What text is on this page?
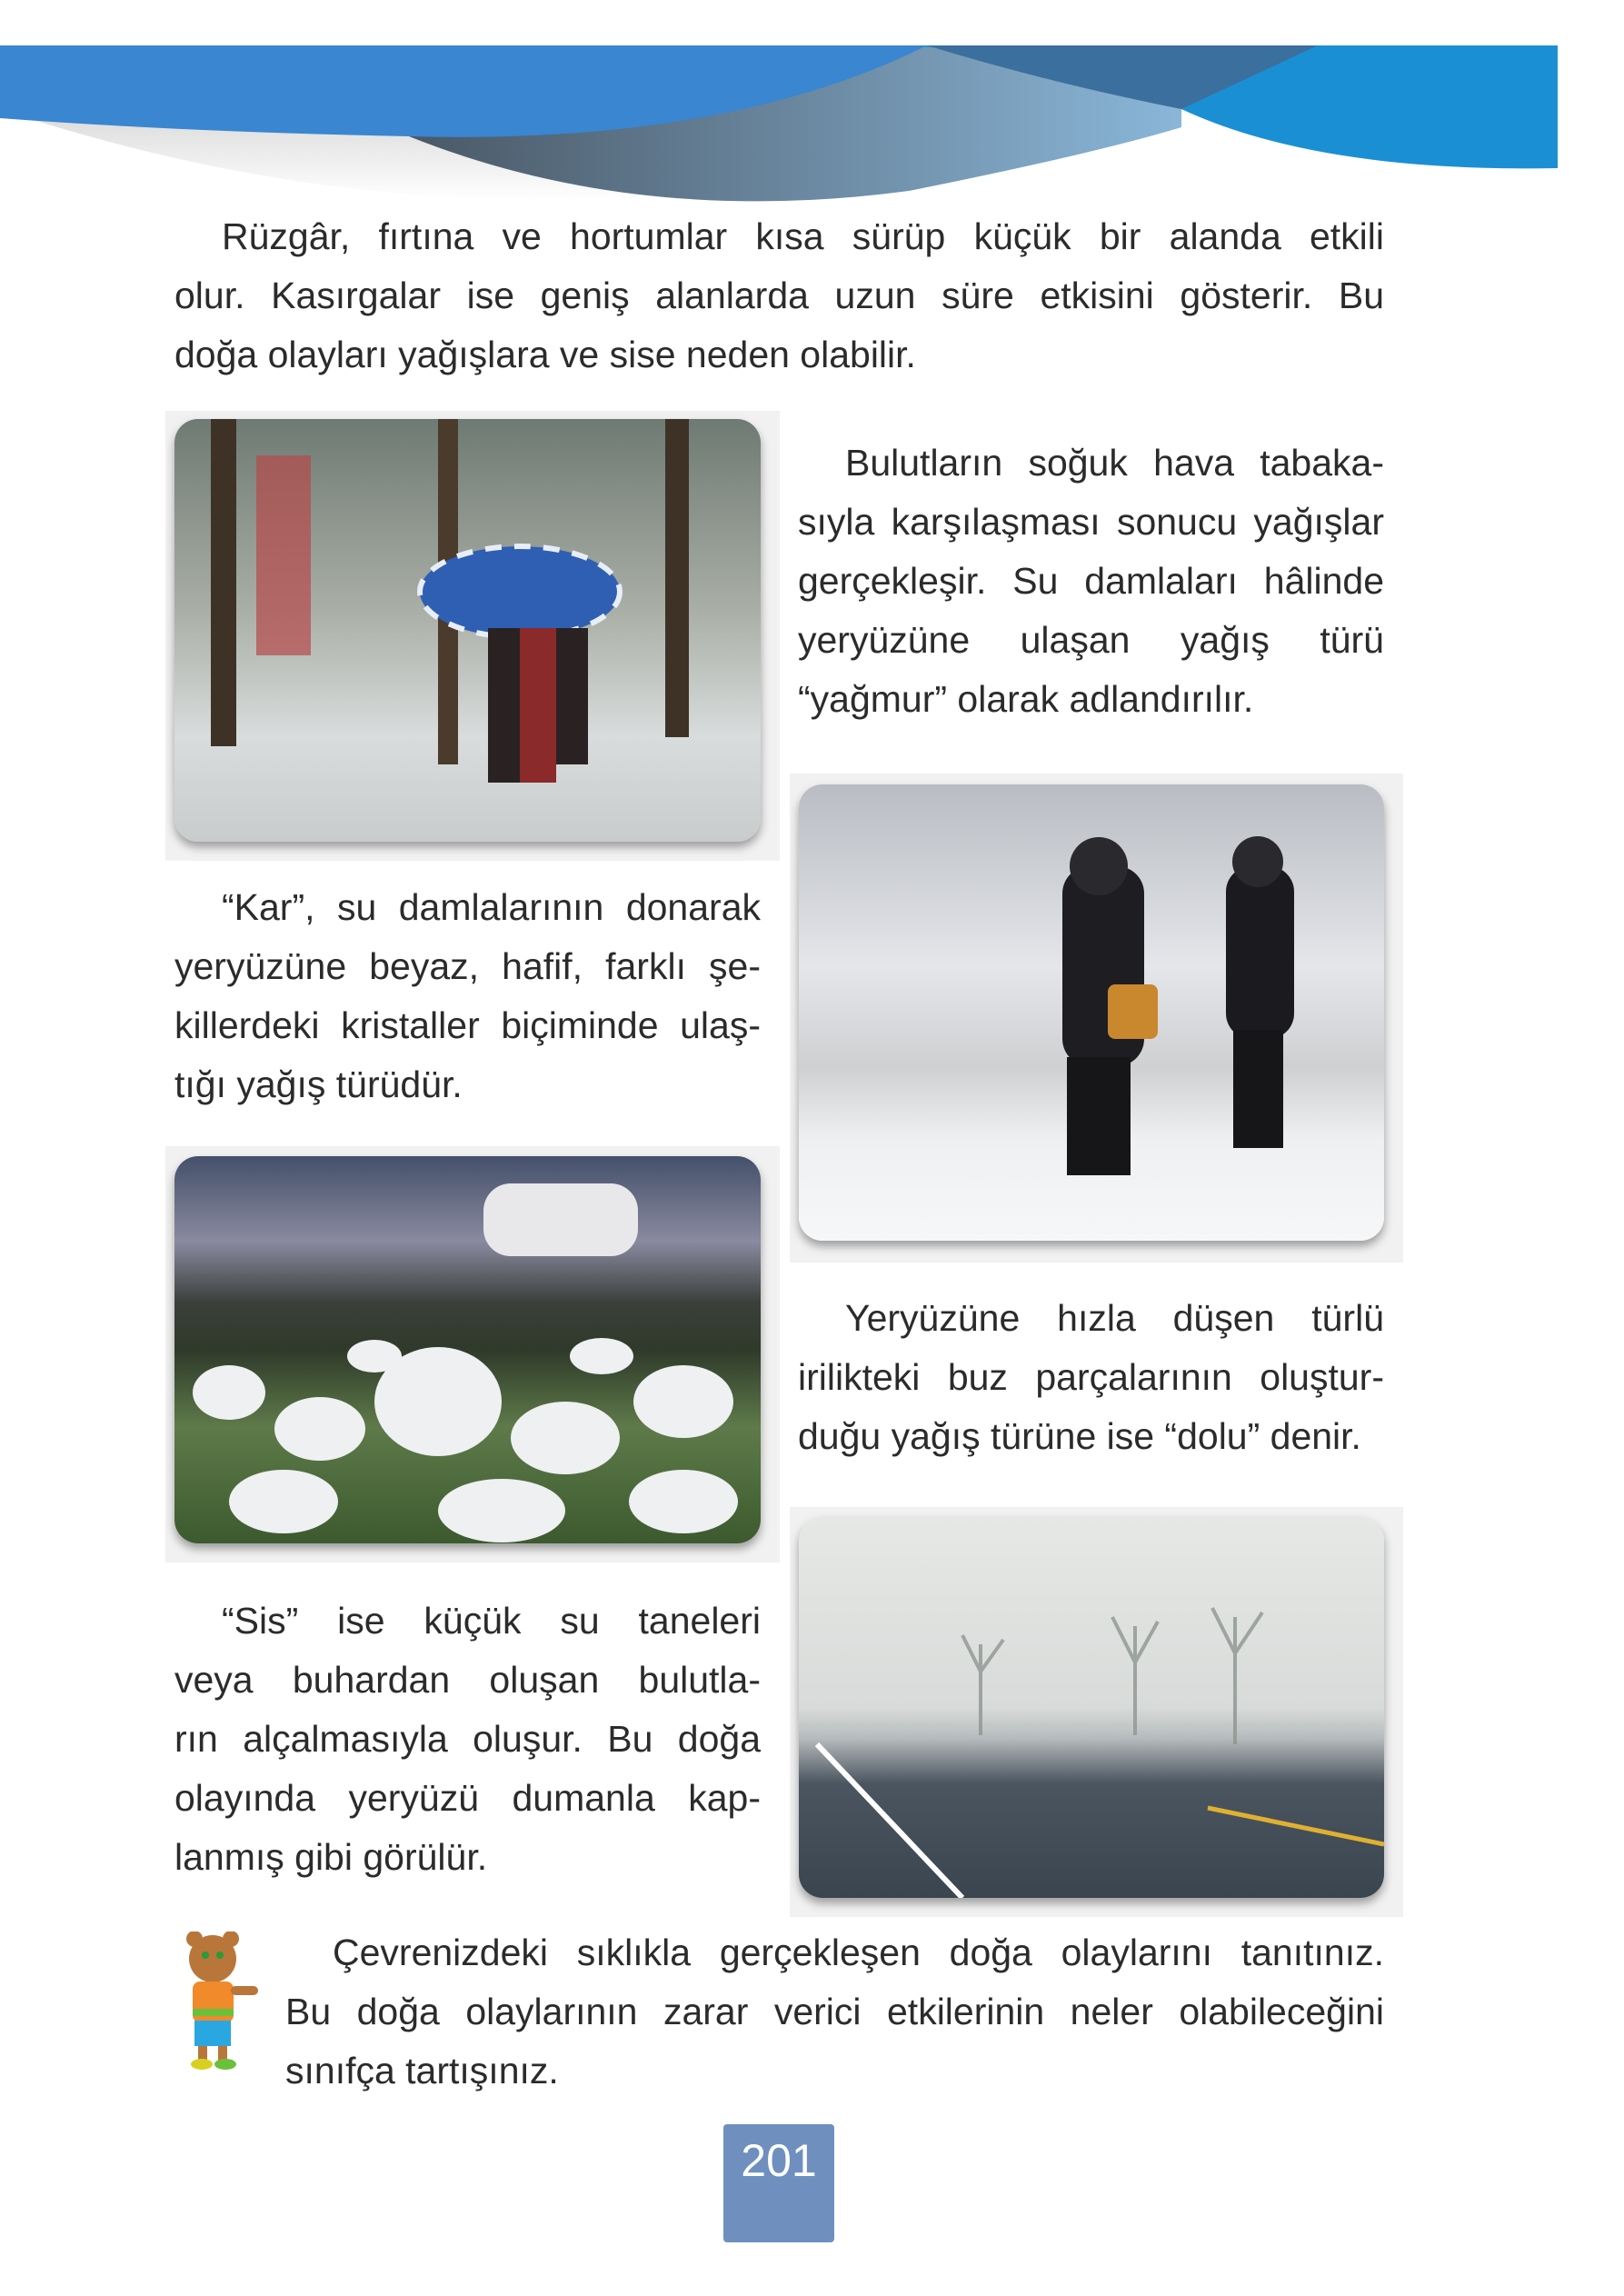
Rüzgâr, fırtına ve hortumlar kısa sürüp küçük bir alanda etkili
olur. Kasırgalar ise geniş alanlarda uzun süre etkisini gösterir. Bu
doğa olayları yağışlara ve sise neden olabilir.
Bulutların soğuk hava tabaka-
sıyla karşılaşması sonucu yağışlar
gerçekleşir. Su damlaları hâlinde
yeryüzüne ulaşan yağış türü
“yağmur” olarak adlandırılır.
“Kar”, su damlalarının donarak
yeryüzüne beyaz, hafif, farklı şe-
killerdeki kristaller biçiminde ulaş-
tığı yağış türüdür.
Yeryüzüne hızla düşen türlü
irilikteki buz parçalarının oluştur-
duğu yağış türüne ise “dolu” denir.
“Sis” ise küçük su taneleri
veya buhardan oluşan bulutla-
rın alçalmasıyla oluşur. Bu doğa
olayında yeryüzü dumanla kap-
lanmış gibi görülür.
Çevrenizdeki sıklıkla gerçekleşen doğa olaylarını tanıtınız.
Bu doğa olaylarının zarar verici etkilerinin neler olabileceğini
sınıfça tartışınız.
201
